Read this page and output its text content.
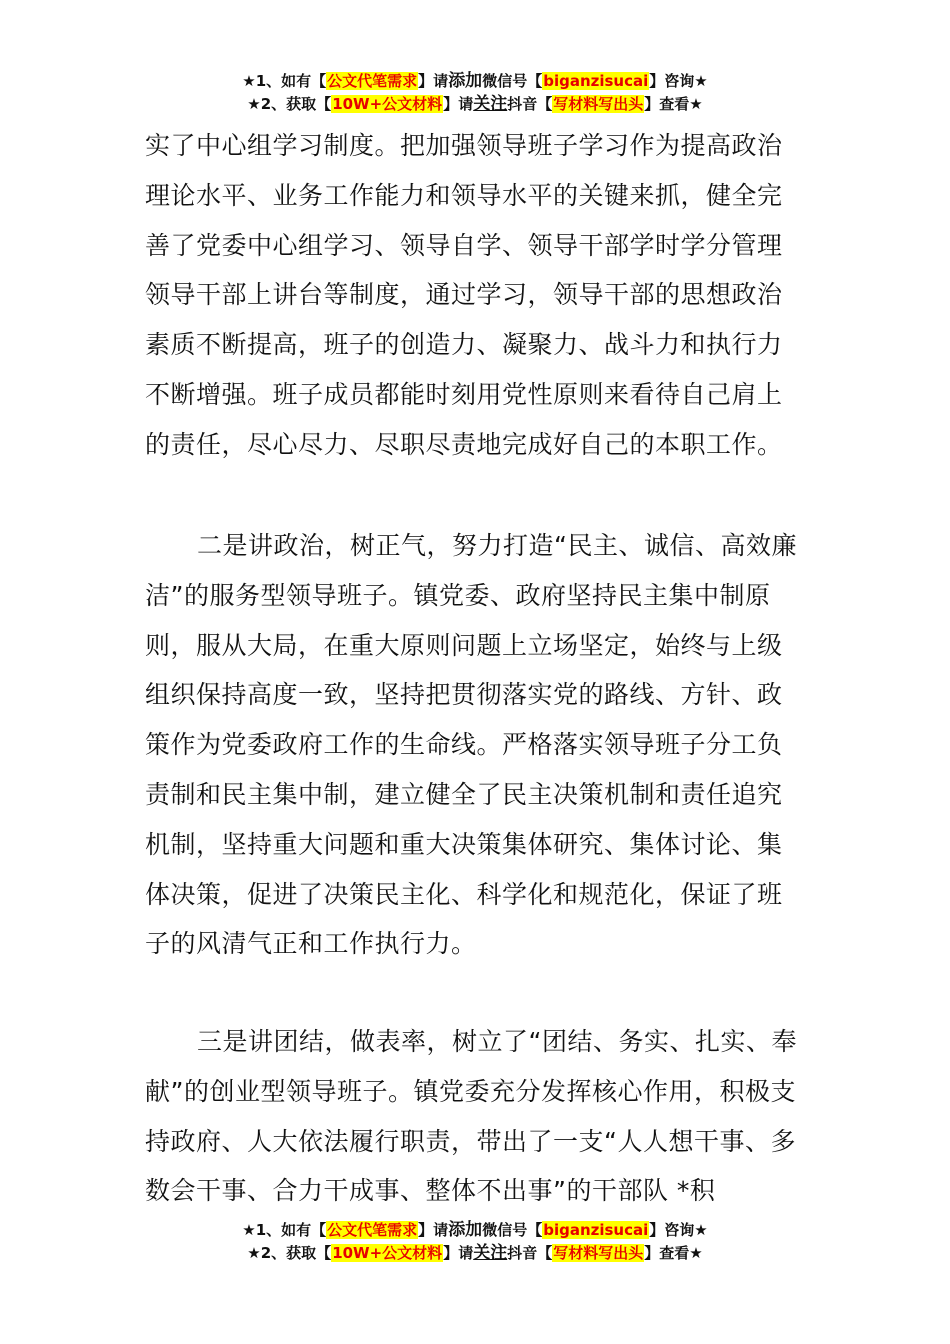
★1、如有【公文代笔需求】请添加微信号【biganzisucai】咨询★
★2、获取【10W+公文材料】请关注抖音【写材料写出头】查看★

实了中心组学习制度。把加强领导班子学习作为提高政治理论水平、业务工作能力和领导水平的关键来抓，健全完善了党委中心组学习、领导自学、领导干部学时学分管理领导干部上讲台等制度，通过学习，领导干部的思想政治素质不断提高，班子的创造力、凝聚力、战斗力和执行力不断增强。班子成员都能时刻用党性原则来看待自己肩上的责任，尽心尽力、尽职尽责地完成好自己的本职工作。

二是讲政治，树正气，努力打造“民主、诚信、高效廉洁”的服务型领导班子。镇党委、政府坚持民主集中制原则，服从大局，在重大原则问题上立场坚定，始终与上级组织保持高度一致，坚持把贯彻落实党的路线、方针、政策作为党委政府工作的生命线。严格落实领导班子分工负责制和民主集中制，建立健全了民主决策机制和责任追究机制，坚持重大问题和重大决策集体研究、集体讨论、集体决策，促进了决策民主化、科学化和规范化，保证了班子的风清气正和工作执行力。

三是讲团结，做表率，树立了“团结、务实、扎实、奉献”的创业型领导班子。镇党委充分发挥核心作用，积极支持政府、人大依法履行职责，带出了一支“人人想干事、多数会干事、合力干成事、整体不出事”的干部队 *积

★1、如有【公文代笔需求】请添加微信号【biganzisucai】咨询★
★2、获取【10W+公文材料】请关注抖音【写材料写出头】查看★
